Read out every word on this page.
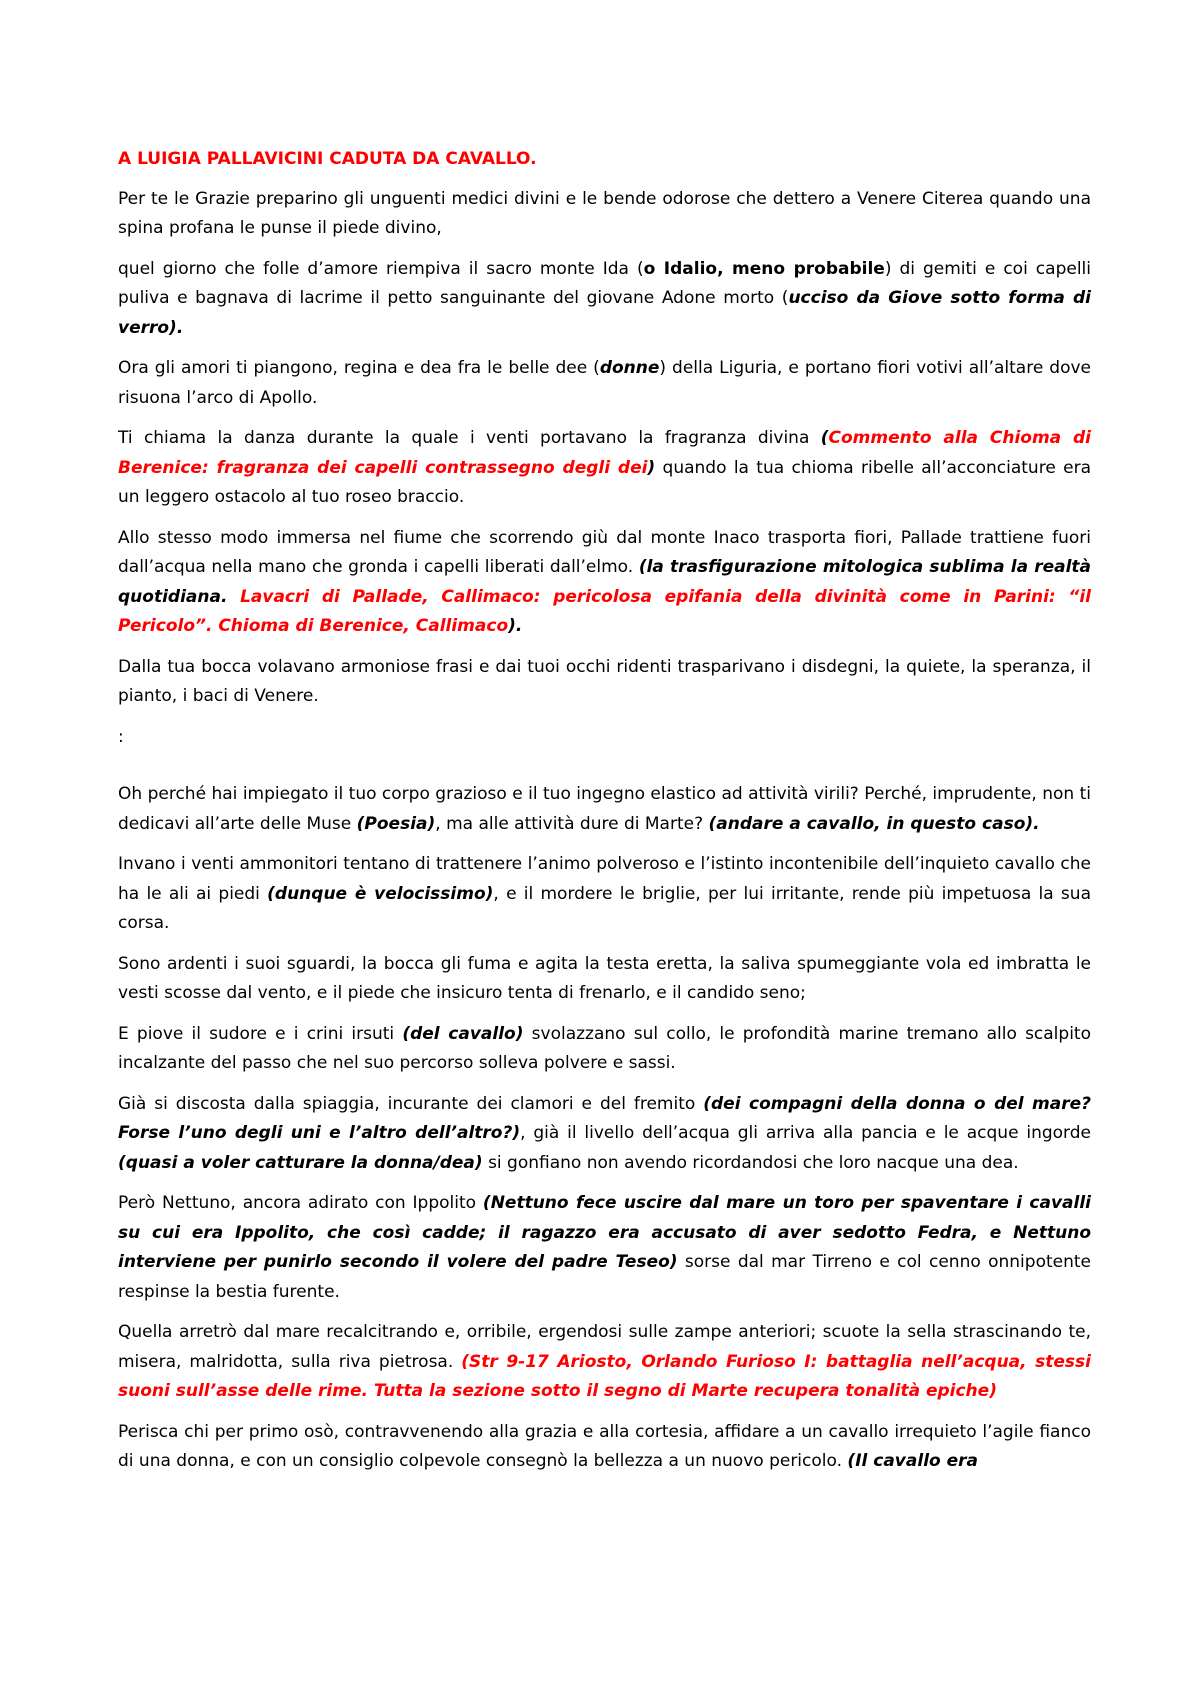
A LUIGIA PALLAVICINI CADUTA DA CAVALLO.

Per te le Grazie preparino gli unguenti medici divini e le bende odorose che dettero a Venere Citerea quando una spina profana le punse il piede divino,

quel giorno che folle d’amore riempiva il sacro monte Ida (o Idalio, meno probabile) di gemiti e coi capelli puliva e bagnava di lacrime il petto sanguinante del giovane Adone morto (ucciso da Giove sotto forma di verro).

Ora gli amori ti piangono, regina e dea fra le belle dee (donne) della Liguria, e portano fiori votivi all’altare dove risuona l’arco di Apollo.

Ti chiama la danza durante la quale i venti portavano la fragranza divina (Commento alla Chioma di Berenice: fragranza dei capelli contrassegno degli dei) quando la tua chioma ribelle all’acconciature era un leggero ostacolo al tuo roseo braccio.

Allo stesso modo immersa nel fiume che scorrendo giù dal monte Inaco trasporta fiori, Pallade trattiene fuori dall’acqua nella mano che gronda i capelli liberati dall’elmo. (la trasfigurazione mitologica sublima la realtà quotidiana. Lavacri di Pallade, Callimaco: pericolosa epifania della divinità come in Parini: “il Pericolo”. Chioma di Berenice, Callimaco).

Dalla tua bocca volavano armoniose frasi e dai tuoi occhi ridenti trasparivano i disdegni, la quiete, la speranza, il pianto, i baci di Venere.

:

Oh perché hai impiegato il tuo corpo grazioso e il tuo ingegno elastico ad attività virili? Perché, imprudente, non ti dedicavi all’arte delle Muse (Poesia), ma alle attività dure di Marte? (andare a cavallo, in questo caso).

Invano i venti ammonitori tentano di trattenere l’animo polveroso e l’istinto incontenibile dell’inquieto cavallo che ha le ali ai piedi (dunque è velocissimo), e il mordere le briglie, per lui irritante, rende più impetuosa la sua corsa.

Sono ardenti i suoi sguardi, la bocca gli fuma e agita la testa eretta, la saliva spumeggiante vola ed imbratta le vesti scosse dal vento, e il piede che insicuro tenta di frenarlo, e il candido seno;

E piove il sudore e i crini irsuti (del cavallo) svolazzano sul collo, le profondità marine tremano allo scalpito incalzante del passo che nel suo percorso solleva polvere e sassi.

Già si discosta dalla spiaggia, incurante dei clamori e del fremito (dei compagni della donna o del mare? Forse l’uno degli uni e l’altro dell’altro?), già il livello dell’acqua gli arriva alla pancia e le acque ingorde (quasi a voler catturare la donna/dea) si gonfiano non avendo ricordandosi che loro nacque una dea.

Però Nettuno, ancora adirato con Ippolito (Nettuno fece uscire dal mare un toro per spaventare i cavalli su cui era Ippolito, che così cadde; il ragazzo era accusato di aver sedotto Fedra, e Nettuno interviene per punirlo secondo il volere del padre Teseo) sorse dal mar Tirreno e col cenno onnipotente respinse la bestia furente.

Quella arretrò dal mare recalcitrando e, orribile, ergendosi sulle zampe anteriori; scuote la sella strascinando te, misera, malridotta, sulla riva pietrosa. (Str 9-17 Ariosto, Orlando Furioso I: battaglia nell’acqua, stessi suoni sull’asse delle rime. Tutta la sezione sotto il segno di Marte recupera tonalità epiche)

Perisca chi per primo osò, contravvenendo alla grazia e alla cortesia, affidare a un cavallo irrequieto l’agile fianco di una donna, e con un consiglio colpevole consegnò la bellezza a un nuovo pericolo. (Il cavallo era
